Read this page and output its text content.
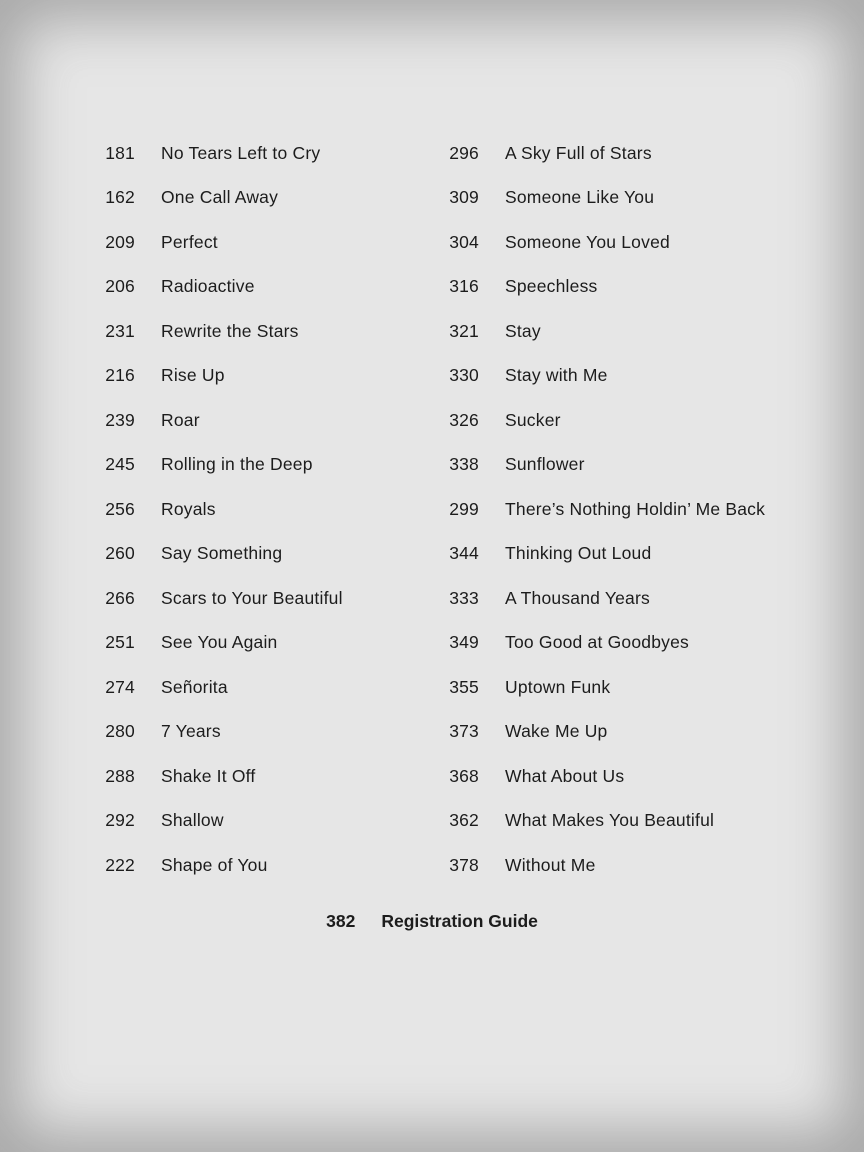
181 No Tears Left to Cry
162 One Call Away
209 Perfect
206 Radioactive
231 Rewrite the Stars
216 Rise Up
239 Roar
245 Rolling in the Deep
256 Royals
260 Say Something
266 Scars to Your Beautiful
251 See You Again
274 Señorita
280 7 Years
288 Shake It Off
292 Shallow
222 Shape of You
296 A Sky Full of Stars
309 Someone Like You
304 Someone You Loved
316 Speechless
321 Stay
330 Stay with Me
326 Sucker
338 Sunflower
299 There’s Nothing Holdin’ Me Back
344 Thinking Out Loud
333 A Thousand Years
349 Too Good at Goodbyes
355 Uptown Funk
373 Wake Me Up
368 What About Us
362 What Makes You Beautiful
378 Without Me
382 Registration Guide
